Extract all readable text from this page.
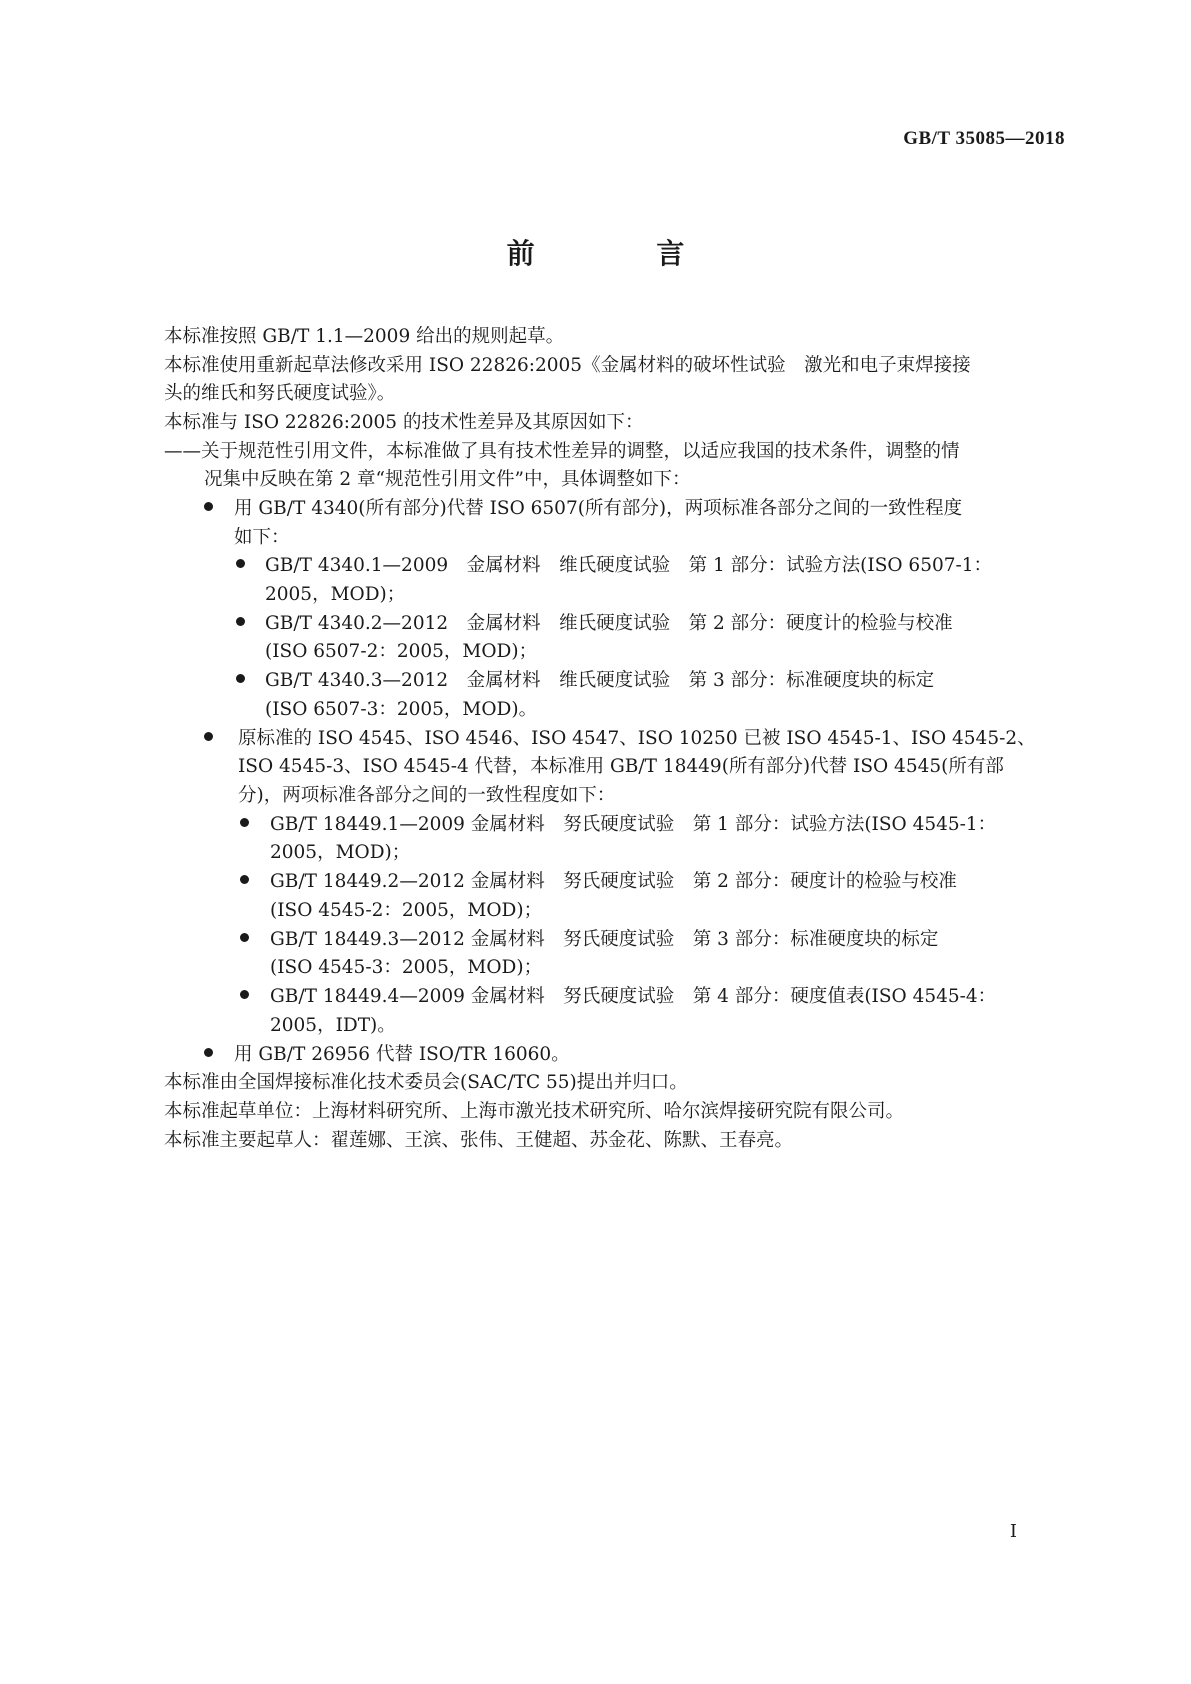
GB/T 35085—2018
前 言
本标准按照 GB/T 1.1—2009 给出的规则起草。
本标准使用重新起草法修改采用 ISO 22826:2005《金属材料的破坏性试验　激光和电子束焊接接
头的维氏和努氏硬度试验》。
本标准与 ISO 22826:2005 的技术性差异及其原因如下：
——关于规范性引用文件，本标准做了具有技术性差异的调整，以适应我国的技术条件，调整的情
况集中反映在第 2 章“规范性引用文件”中，具体调整如下：
用 GB/T 4340(所有部分)代替 ISO 6507(所有部分)，两项标准各部分之间的一致性程度
如下：
GB/T 4340.1—2009　金属材料　维氏硬度试验　第 1 部分：试验方法(ISO 6507-1：
2005，MOD)；
GB/T 4340.2—2012　金属材料　维氏硬度试验　第 2 部分：硬度计的检验与校准
(ISO 6507-2：2005，MOD)；
GB/T 4340.3—2012　金属材料　维氏硬度试验　第 3 部分：标准硬度块的标定
(ISO 6507-3：2005，MOD)。
原标准的 ISO 4545、ISO 4546、ISO 4547、ISO 10250 已被 ISO 4545-1、ISO 4545-2、
ISO 4545-3、ISO 4545-4 代替，本标准用 GB/T 18449(所有部分)代替 ISO 4545(所有部
分)，两项标准各部分之间的一致性程度如下：
GB/T 18449.1—2009 金属材料　努氏硬度试验　第 1 部分：试验方法(ISO 4545-1：
2005，MOD)；
GB/T 18449.2—2012 金属材料　努氏硬度试验　第 2 部分：硬度计的检验与校准
(ISO 4545-2：2005，MOD)；
GB/T 18449.3—2012 金属材料　努氏硬度试验　第 3 部分：标准硬度块的标定
(ISO 4545-3：2005，MOD)；
GB/T 18449.4—2009 金属材料　努氏硬度试验　第 4 部分：硬度值表(ISO 4545-4：
2005，IDT)。
用 GB/T 26956 代替 ISO/TR 16060。
本标准由全国焊接标准化技术委员会(SAC/TC 55)提出并归口。
本标准起草单位：上海材料研究所、上海市激光技术研究所、哈尔滨焊接研究院有限公司。
本标准主要起草人：翟莲娜、王滨、张伟、王健超、苏金花、陈默、王春亮。
I
